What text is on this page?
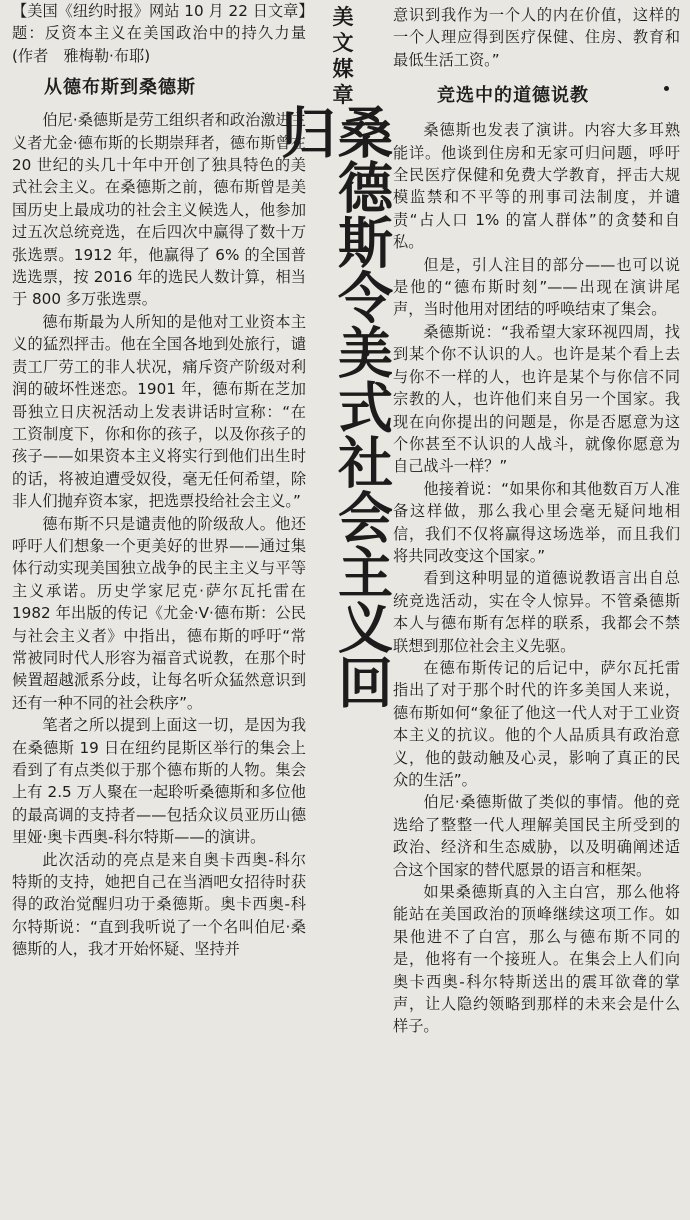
美 文
媒 章
桑德斯令美式社会主义回归

【美国《纽约时报》网站 10 月 22 日文章】题：反资本主义在美国政治中的持久力量(作者　雅梅勒·布耶)

从德布斯到桑德斯

伯尼·桑德斯是劳工组织者和政治激进主义者尤金·德布斯的长期崇拜者，德布斯曾在 20 世纪的头几十年中开创了独具特色的美式社会主义。在桑德斯之前，德布斯曾是美国历史上最成功的社会主义候选人，他参加过五次总统竞选，在后四次中赢得了数十万张选票。1912 年，他赢得了 6% 的全国普选选票，按 2016 年的选民人数计算，相当于 800 多万张选票。

德布斯最为人所知的是他对工业资本主义的猛烈抨击。他在全国各地到处旅行，谴责工厂劳工的非人状况，痛斥资产阶级对利润的破坏性迷恋。1901 年，德布斯在芝加哥独立日庆祝活动上发表讲话时宣称：“在工资制度下，你和你的孩子，以及你孩子的孩子——如果资本主义将实行到他们出生时的话，将被迫遭受奴役，毫无任何希望，除非人们抛弃资本家，把选票投给社会主义。”

德布斯不只是谴责他的阶级敌人。他还呼吁人们想象一个更美好的世界——通过集体行动实现美国独立战争的民主主义与平等主义承诺。历史学家尼克·萨尔瓦托雷在 1982 年出版的传记《尤金·V·德布斯：公民与社会主义者》中指出，德布斯的呼吁“常常被同时代人形容为福音式说教，在那个时候置超越派系分歧，让每名听众猛然意识到还有一种不同的社会秩序”。

笔者之所以提到上面这一切，是因为我在桑德斯 19 日在纽约昆斯区举行的集会上看到了有点类似于那个德布斯的人物。集会上有 2.5 万人聚在一起聆听桑德斯和多位他的最高调的支持者——包括众议员亚历山德里娅·奥卡西奥-科尔特斯——的演讲。

此次活动的亮点是来自奥卡西奥-科尔特斯的支持，她把自己在当酒吧女招待时获得的政治觉醒归功于桑德斯。奥卡西奥-科尔特斯说：“直到我听说了一个名叫伯尼·桑德斯的人，我才开始怀疑、坚持并

意识到我作为一个人的内在价值，这样的一个人理应得到医疗保健、住房、教育和最低生活工资。”

竞选中的道德说教

桑德斯也发表了演讲。内容大多耳熟能详。他谈到住房和无家可归问题，呼吁全民医疗保健和免费大学教育，抨击大规模监禁和不平等的刑事司法制度，并谴责“占人口 1% 的富人群体”的贪婪和自私。

但是，引人注目的部分——也可以说是他的“德布斯时刻”——出现在演讲尾声，当时他用对团结的呼唤结束了集会。

桑德斯说：“我希望大家环视四周，找到某个你不认识的人。也许是某个看上去与你不一样的人，也许是某个与你信不同宗教的人，也许他们来自另一个国家。我现在向你提出的问题是，你是否愿意为这个你甚至不认识的人战斗，就像你愿意为自己战斗一样？”

他接着说：“如果你和其他数百万人准备这样做，那么我心里会毫无疑问地相信，我们不仅将赢得这场选举，而且我们将共同改变这个国家。”

看到这种明显的道德说教语言出自总统竞选活动，实在令人惊异。不管桑德斯本人与德布斯有怎样的联系，我都会不禁联想到那位社会主义先驱。

在德布斯传记的后记中，萨尔瓦托雷指出了对于那个时代的许多美国人来说，德布斯如何“象征了他这一代人对于工业资本主义的抗议。他的个人品质具有政治意义，他的鼓动触及心灵，影响了真正的民众的生活”。

伯尼·桑德斯做了类似的事情。他的竞选给了整整一代人理解美国民主所受到的政治、经济和生态威胁，以及明确阐述适合这个国家的替代愿景的语言和框架。

如果桑德斯真的入主白宫，那么他将能站在美国政治的顶峰继续这项工作。如果他进不了白宫，那么与德布斯不同的是，他将有一个接班人。在集会上人们向奥卡西奥-科尔特斯送出的震耳欲聋的掌声，让人隐约领略到那样的未来会是什么样子。
